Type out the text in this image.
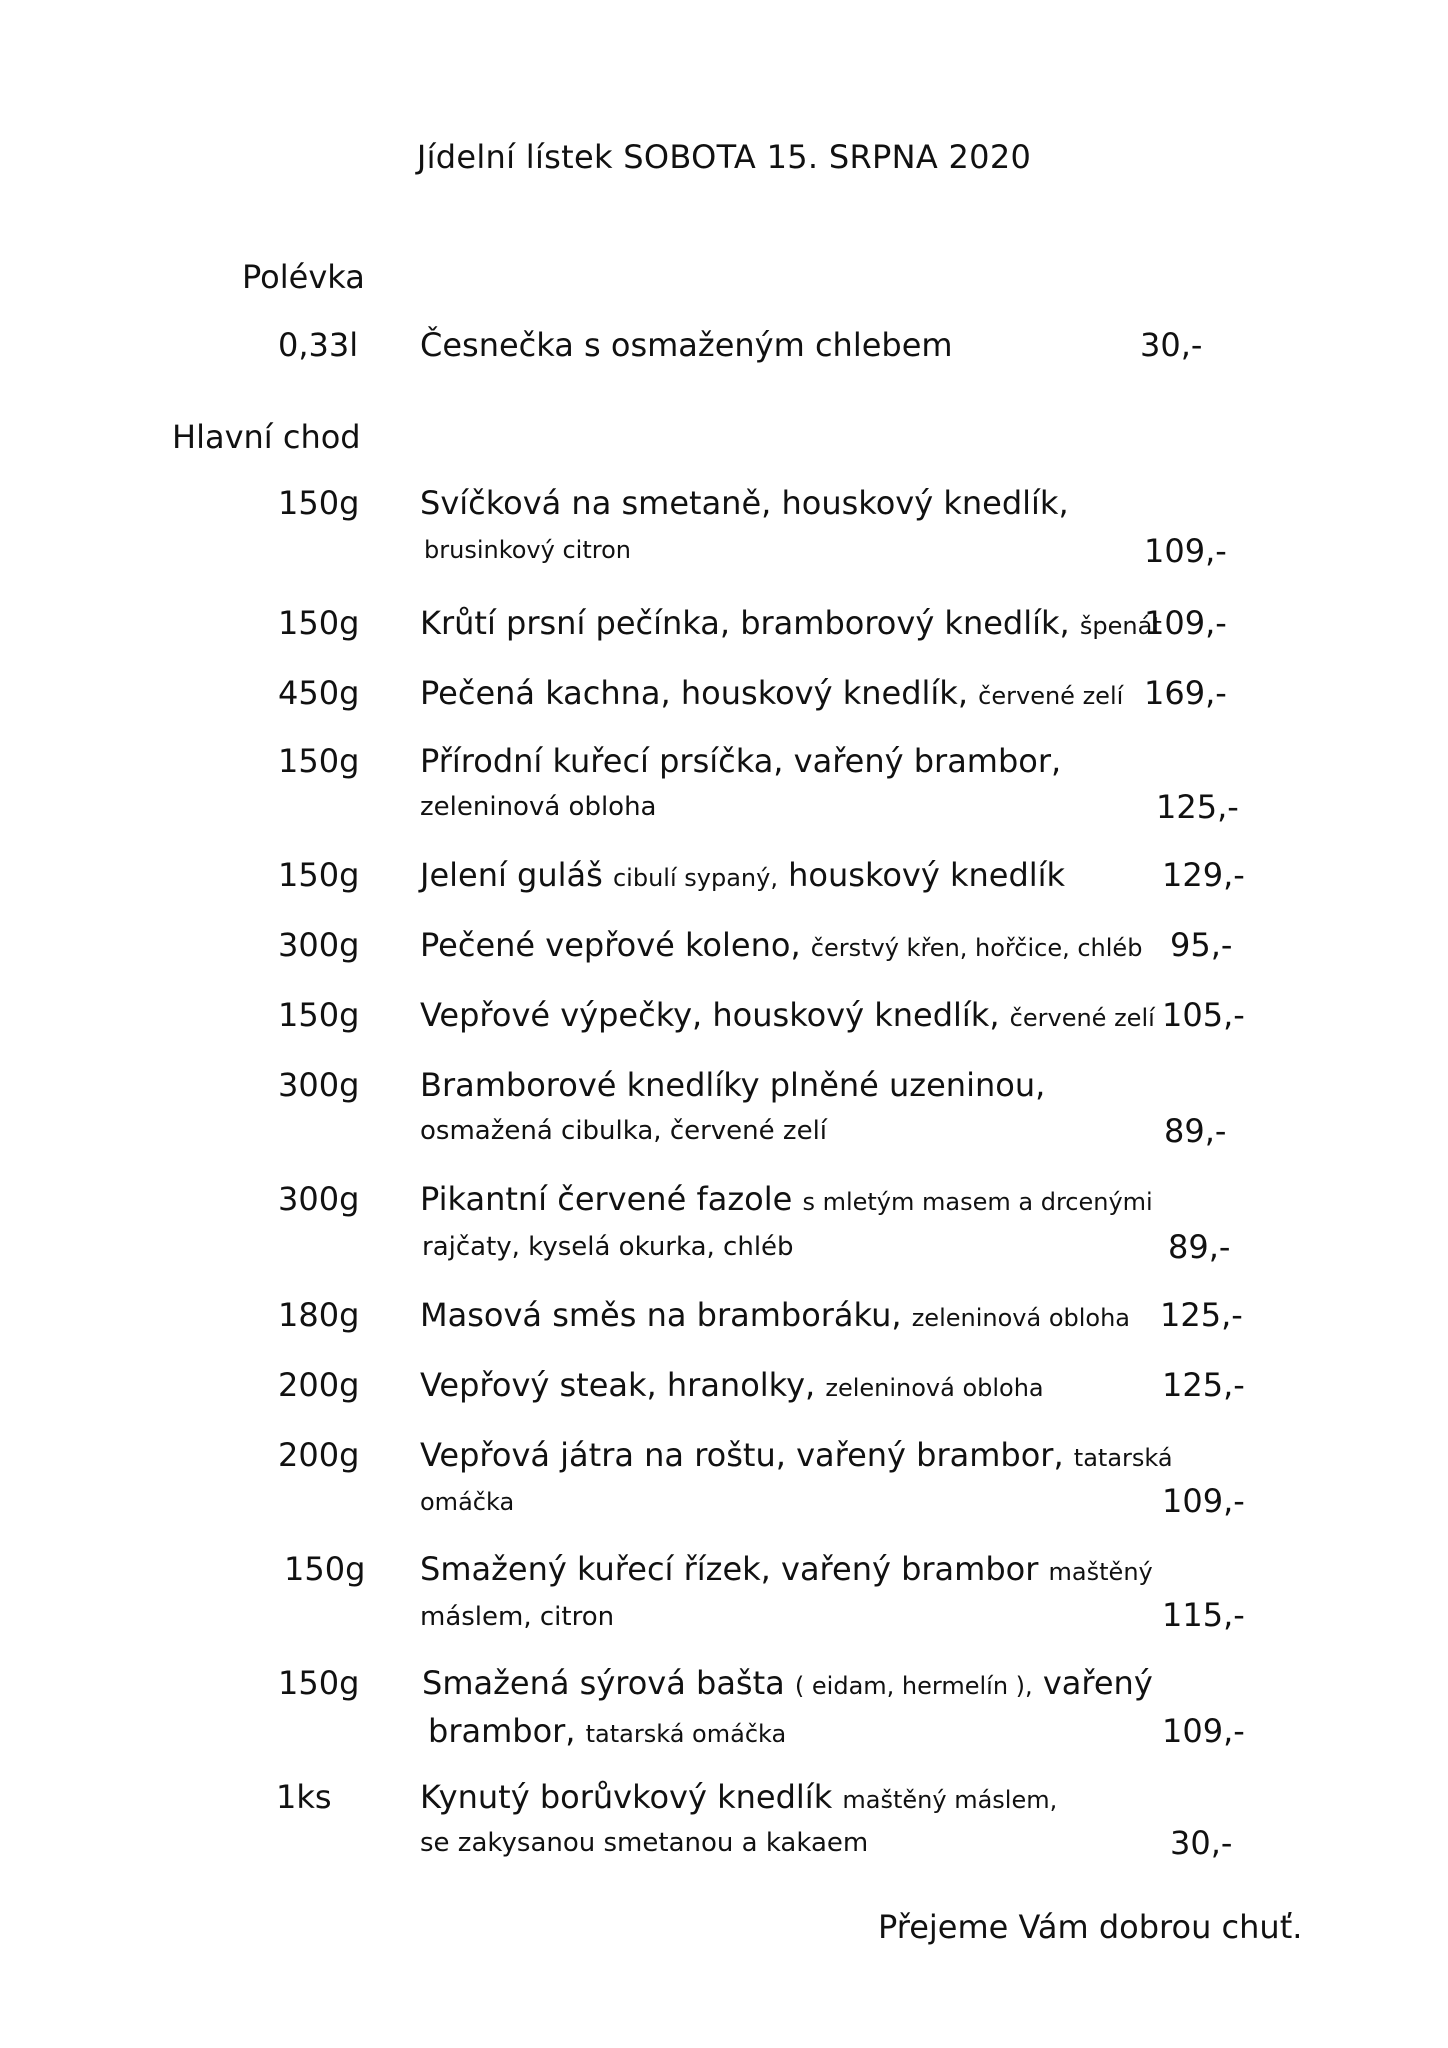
Jídelní lístek SOBOTA 15. SRPNA 2020
Polévka
0,33l Česnečka s osmaženým chlebem	30,-
Hlavní chod
150g Svíčková na smetaně, houskový knedlík,
brusinkový citron	109,-
150g Krůtí prsní pečínka, bramborový knedlík, špenát
109,-
450g Pečená kachna, houskový knedlík, červené zelí 169,-
150g Přírodní kuřecí prsíčka, vařený brambor,
zeleninová obloha	125,-
150g Jelení guláš cibulí sypaný, houskový knedlík	129,-
300g Pečené vepřové koleno, čerstvý křen, hořčice, chléb 95,-
150g Vepřové výpečky, houskový knedlík, červené zelí 105,-
300g Bramborové knedlíky plněné uzeninou,
osmažená cibulka, červené zelí	89,-
300g Pikantní červené fazole s mletým masem a drcenými
rajčaty, kyselá okurka, chléb	89,-
180g Masová směs na bramboráku, zeleninová obloha 125,-
200g Vepřový steak, hranolky, zeleninová obloha	125,-
200g Vepřová játra na roštu, vařený brambor, tatarská
omáčka	109,-
150g Smažený kuřecí řízek, vařený brambor maštěný
máslem, citron	115,-
150g Smažená sýrová bašta ( eidam, hermelín ), vařený
brambor, tatarská omáčka	109,-
1ks	Kynutý borůvkový knedlík maštěný máslem,
se zakysanou smetanou a kakaem	30,-
Přejeme Vám dobrou chuť.
